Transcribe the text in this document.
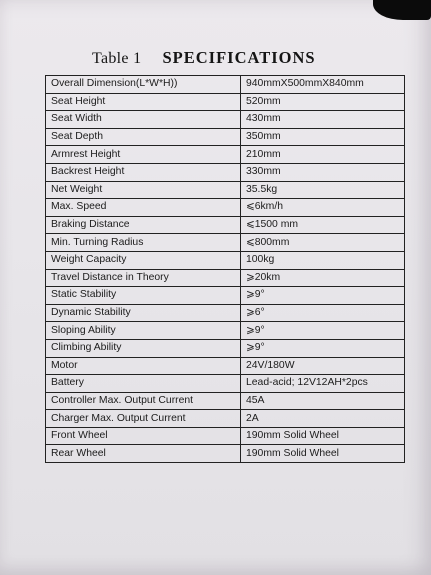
Table 1 SPECIFICATIONS
Overall Dimension(L*W*H))	940mmX500mmX840mm
Seat Height	520mm
Seat Width	430mm
Seat Depth	350mm
Armrest Height	210mm
Backrest Height	330mm
Net Weight	35.5kg
Max. Speed	⩽6km/h
Braking Distance	⩽1500 mm
Min. Turning Radius	⩽800mm
Weight Capacity	100kg
Travel Distance in Theory	⩾20km
Static Stability	⩾9°
Dynamic Stability	⩾6°
Sloping Ability	⩾9°
Climbing Ability	⩾9°
Motor	24V/180W
Battery	Lead-acid; 12V12AH*2pcs
Controller Max. Output Current	45A
Charger Max. Output Current	2A
Front Wheel	190mm Solid Wheel
Rear Wheel	190mm Solid Wheel
